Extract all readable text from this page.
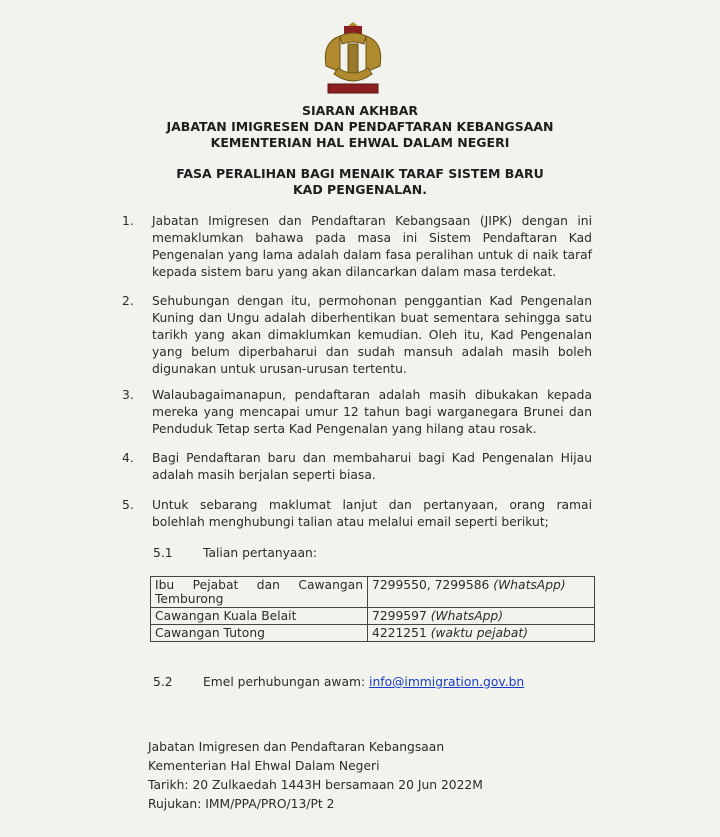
SIARAN AKHBAR
JABATAN IMIGRESEN DAN PENDAFTARAN KEBANGSAAN
KEMENTERIAN HAL EHWAL DALAM NEGERI
FASA PERALIHAN BAGI MENAIK TARAF SISTEM BARU
KAD PENGENALAN.
1. Jabatan Imigresen dan Pendaftaran Kebangsaan (JIPK) dengan ini memaklumkan bahawa pada masa ini Sistem Pendaftaran Kad Pengenalan yang lama adalah dalam fasa peralihan untuk di naik taraf kepada sistem baru yang akan dilancarkan dalam masa terdekat.
2. Sehubungan dengan itu, permohonan penggantian Kad Pengenalan Kuning dan Ungu adalah diberhentikan buat sementara sehingga satu tarikh yang akan dimaklumkan kemudian. Oleh itu, Kad Pengenalan yang belum diperbaharui dan sudah mansuh adalah masih boleh digunakan untuk urusan-urusan tertentu.
3. Walaubagaimanapun, pendaftaran adalah masih dibukakan kepada mereka yang mencapai umur 12 tahun bagi warganegara Brunei dan Penduduk Tetap serta Kad Pengenalan yang hilang atau rosak.
4. Bagi Pendaftaran baru dan membaharui bagi Kad Pengenalan Hijau adalah masih berjalan seperti biasa.
5. Untuk sebarang maklumat lanjut dan pertanyaan, orang ramai bolehlah menghubungi talian atau melalui email seperti berikut;
5.1 Talian pertanyaan:
Ibu Pejabat dan Cawangan Temburong	7299550, 7299586 (WhatsApp)
Cawangan Kuala Belait	7299597 (WhatsApp)
Cawangan Tutong	4221251 (waktu pejabat)
5.2 Emel perhubungan awam: info@immigration.gov.bn
Jabatan Imigresen dan Pendaftaran Kebangsaan
Kementerian Hal Ehwal Dalam Negeri
Tarikh: 20 Zulkaedah 1443H bersamaan 20 Jun 2022M
Rujukan: IMM/PPA/PRO/13/Pt 2
